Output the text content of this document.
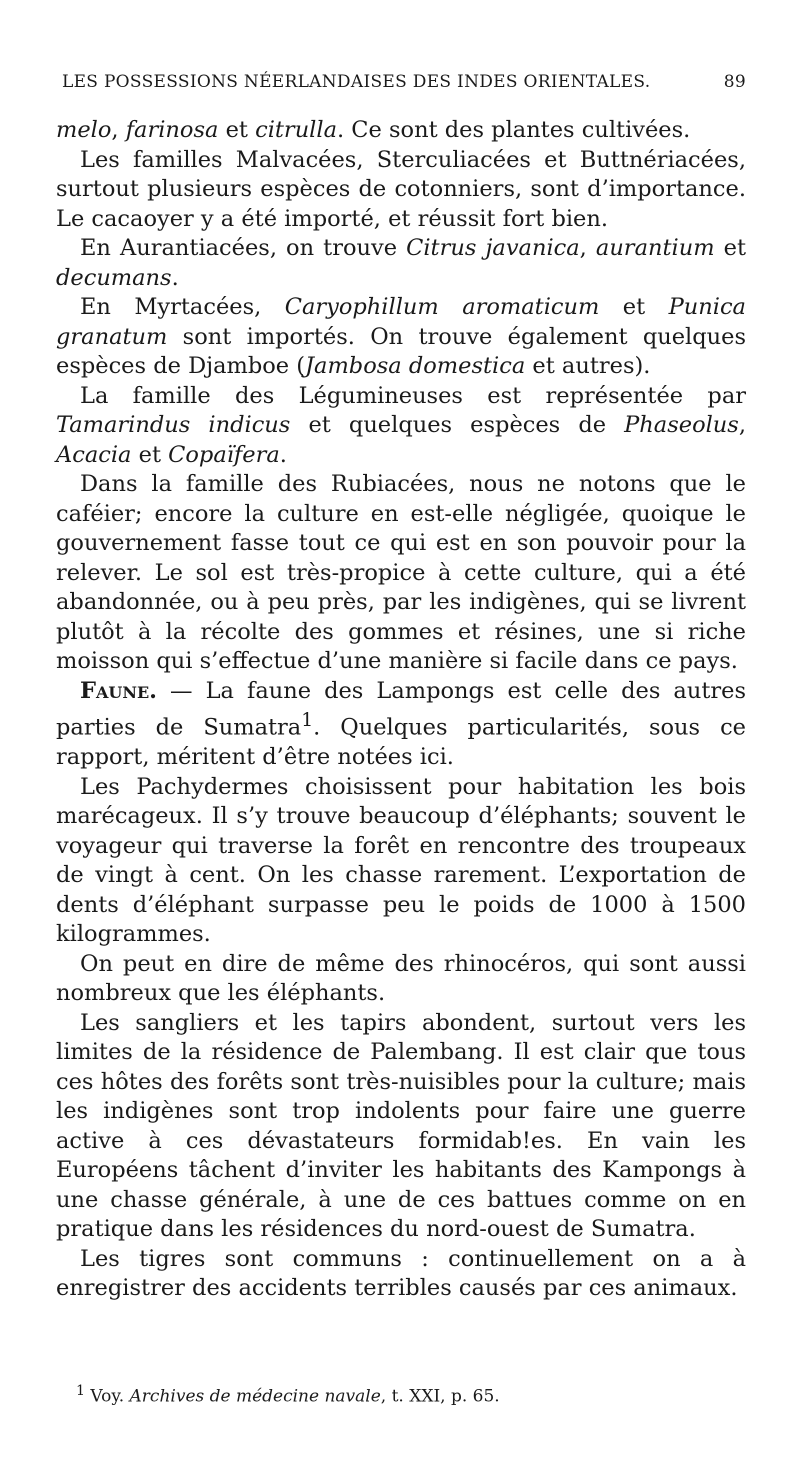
LES POSSESSIONS NÉERLANDAISES DES INDES ORIENTALES.	89

melo, farinosa et citrulla. Ce sont des plantes cultivées.

Les familles Malvacées, Sterculiacées et Buttnériacées, surtout plusieurs espèces de cotonniers, sont d’importance. Le cacaoyer y a été importé, et réussit fort bien.

En Aurantiacées, on trouve Citrus javanica, aurantium et decumans.

En Myrtacées, Caryophillum aromaticum et Punica granatum sont importés. On trouve également quelques espèces de Djamboe (Jambosa domestica et autres).

La famille des Légumineuses est représentée par Tamarindus indicus et quelques espèces de Phaseolus, Acacia et Copaïfera.

Dans la famille des Rubiacées, nous ne notons que le caféier; encore la culture en est-elle négligée, quoique le gouvernement fasse tout ce qui est en son pouvoir pour la relever. Le sol est très-propice à cette culture, qui a été abandonnée, ou à peu près, par les indigènes, qui se livrent plutôt à la récolte des gommes et résines, une si riche moisson qui s’effectue d’une manière si facile dans ce pays.

Faune. — La faune des Lampongs est celle des autres parties de Sumatra$^1$. Quelques particularités, sous ce rapport, méritent d’être notées ici.

Les Pachydermes choisissent pour habitation les bois marécageux. Il s’y trouve beaucoup d’éléphants; souvent le voyageur qui traverse la forêt en rencontre des troupeaux de vingt à cent. On les chasse rarement. L’exportation de dents d’éléphant surpasse peu le poids de 1000 à 1500 kilogrammes.

On peut en dire de même des rhinocéros, qui sont aussi nombreux que les éléphants.

Les sangliers et les tapirs abondent, surtout vers les limites de la résidence de Palembang. Il est clair que tous ces hôtes des forêts sont très-nuisibles pour la culture; mais les indigènes sont trop indolents pour faire une guerre active à ces dévastateurs formidab!es. En vain les Européens tâchent d’inviter les habitants des Kampongs à une chasse générale, à une de ces battues comme on en pratique dans les résidences du nord-ouest de Sumatra.

Les tigres sont communs : continuellement on a à enregistrer des accidents terribles causés par ces animaux.

$^1$ Voy. Archives de médecine navale, t. XXI, p. 65.
